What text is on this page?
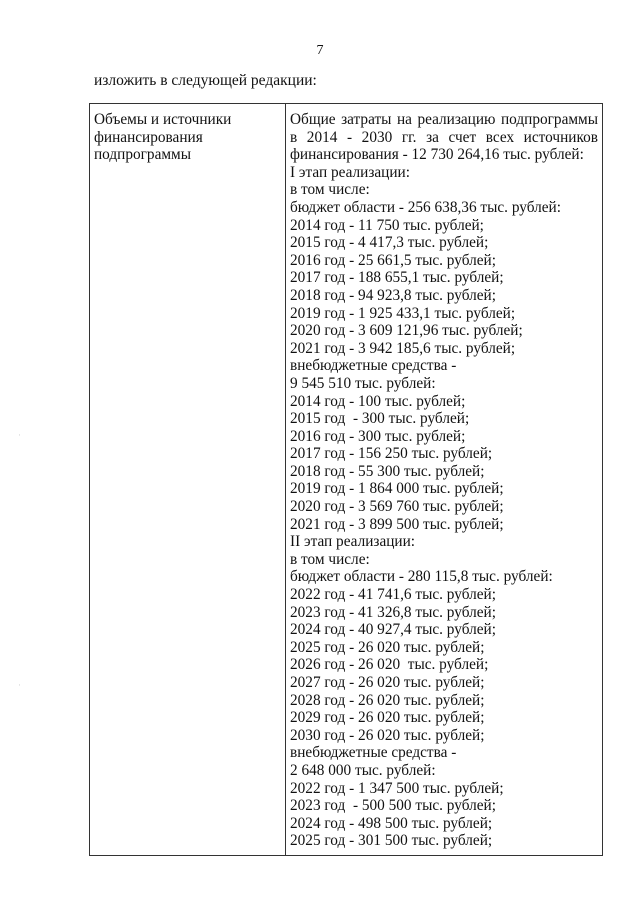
7
изложить в следующей редакции:
Объемы и источники
финансирования
подпрограммы

Общие затраты на реализацию подпрограммы
в 2014 - 2030 гг. за счет всех источников
финансирования - 12 730 264,16 тыс. рублей:
I этап реализации:
в том числе:
бюджет области - 256 638,36 тыс. рублей:
2014 год - 11 750 тыс. рублей;
2015 год - 4 417,3 тыс. рублей;
2016 год - 25 661,5 тыс. рублей;
2017 год - 188 655,1 тыс. рублей;
2018 год - 94 923,8 тыс. рублей;
2019 год - 1 925 433,1 тыс. рублей;
2020 год - 3 609 121,96 тыс. рублей;
2021 год - 3 942 185,6 тыс. рублей;
внебюджетные средства -
9 545 510 тыс. рублей:
2014 год - 100 тыс. рублей;
2015 год  - 300 тыс. рублей;
2016 год - 300 тыс. рублей;
2017 год - 156 250 тыс. рублей;
2018 год - 55 300 тыс. рублей;
2019 год - 1 864 000 тыс. рублей;
2020 год - 3 569 760 тыс. рублей;
2021 год - 3 899 500 тыс. рублей;
II этап реализации:
в том числе:
бюджет области - 280 115,8 тыс. рублей:
2022 год - 41 741,6 тыс. рублей;
2023 год - 41 326,8 тыс. рублей;
2024 год - 40 927,4 тыс. рублей;
2025 год - 26 020 тыс. рублей;
2026 год - 26 020  тыс. рублей;
2027 год - 26 020 тыс. рублей;
2028 год - 26 020 тыс. рублей;
2029 год - 26 020 тыс. рублей;
2030 год - 26 020 тыс. рублей;
внебюджетные средства -
2 648 000 тыс. рублей:
2022 год - 1 347 500 тыс. рублей;
2023 год  - 500 500 тыс. рублей;
2024 год - 498 500 тыс. рублей;
2025 год - 301 500 тыс. рублей;
·
·
